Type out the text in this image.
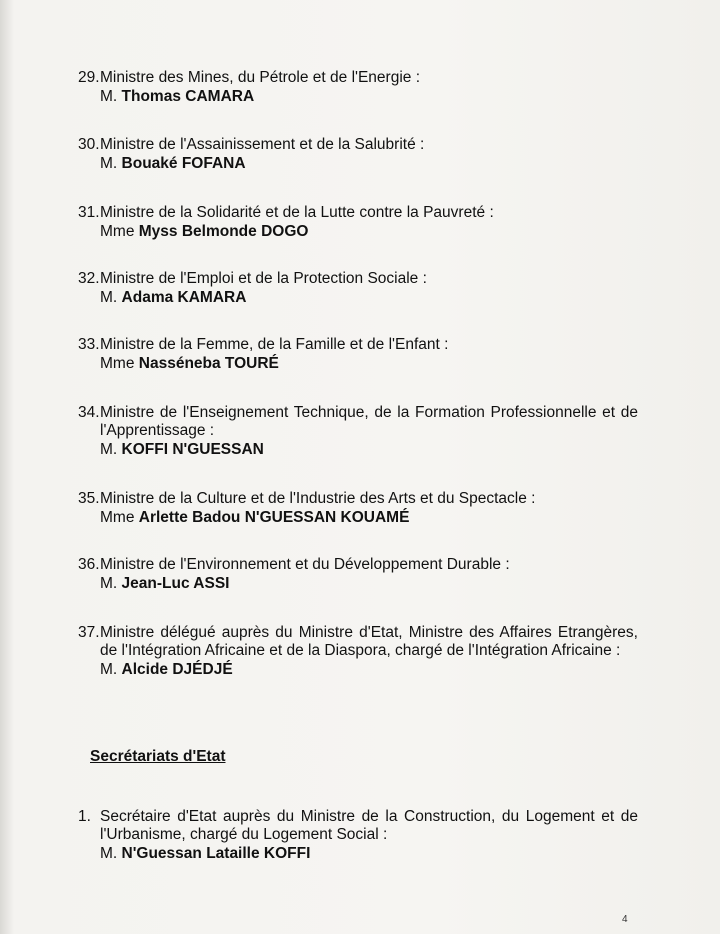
29. Ministre des Mines, du Pétrole et de l'Energie :
M. Thomas CAMARA
30. Ministre de l'Assainissement et de la Salubrité :
M. Bouaké FOFANA
31. Ministre de la Solidarité et de la Lutte contre la Pauvreté :
Mme Myss Belmonde DOGO
32. Ministre de l'Emploi et de la Protection Sociale :
M. Adama KAMARA
33. Ministre de la Femme, de la Famille et de l'Enfant :
Mme Nasséneba TOURÉ
34. Ministre de l'Enseignement Technique, de la Formation Professionnelle et de l'Apprentissage :
M. KOFFI N'GUESSAN
35. Ministre de la Culture et de l'Industrie des Arts et du Spectacle :
Mme Arlette Badou N'GUESSAN KOUAMÉ
36. Ministre de l'Environnement et du Développement Durable :
M. Jean-Luc ASSI
37. Ministre délégué auprès du Ministre d'Etat, Ministre des Affaires Etrangères, de l'Intégration Africaine et de la Diaspora, chargé de l'Intégration Africaine :
M. Alcide DJÉDJÉ
Secrétariats d'Etat
1. Secrétaire d'Etat auprès du Ministre de la Construction, du Logement et de l'Urbanisme, chargé du Logement Social :
M. N'Guessan Lataille KOFFI
4
